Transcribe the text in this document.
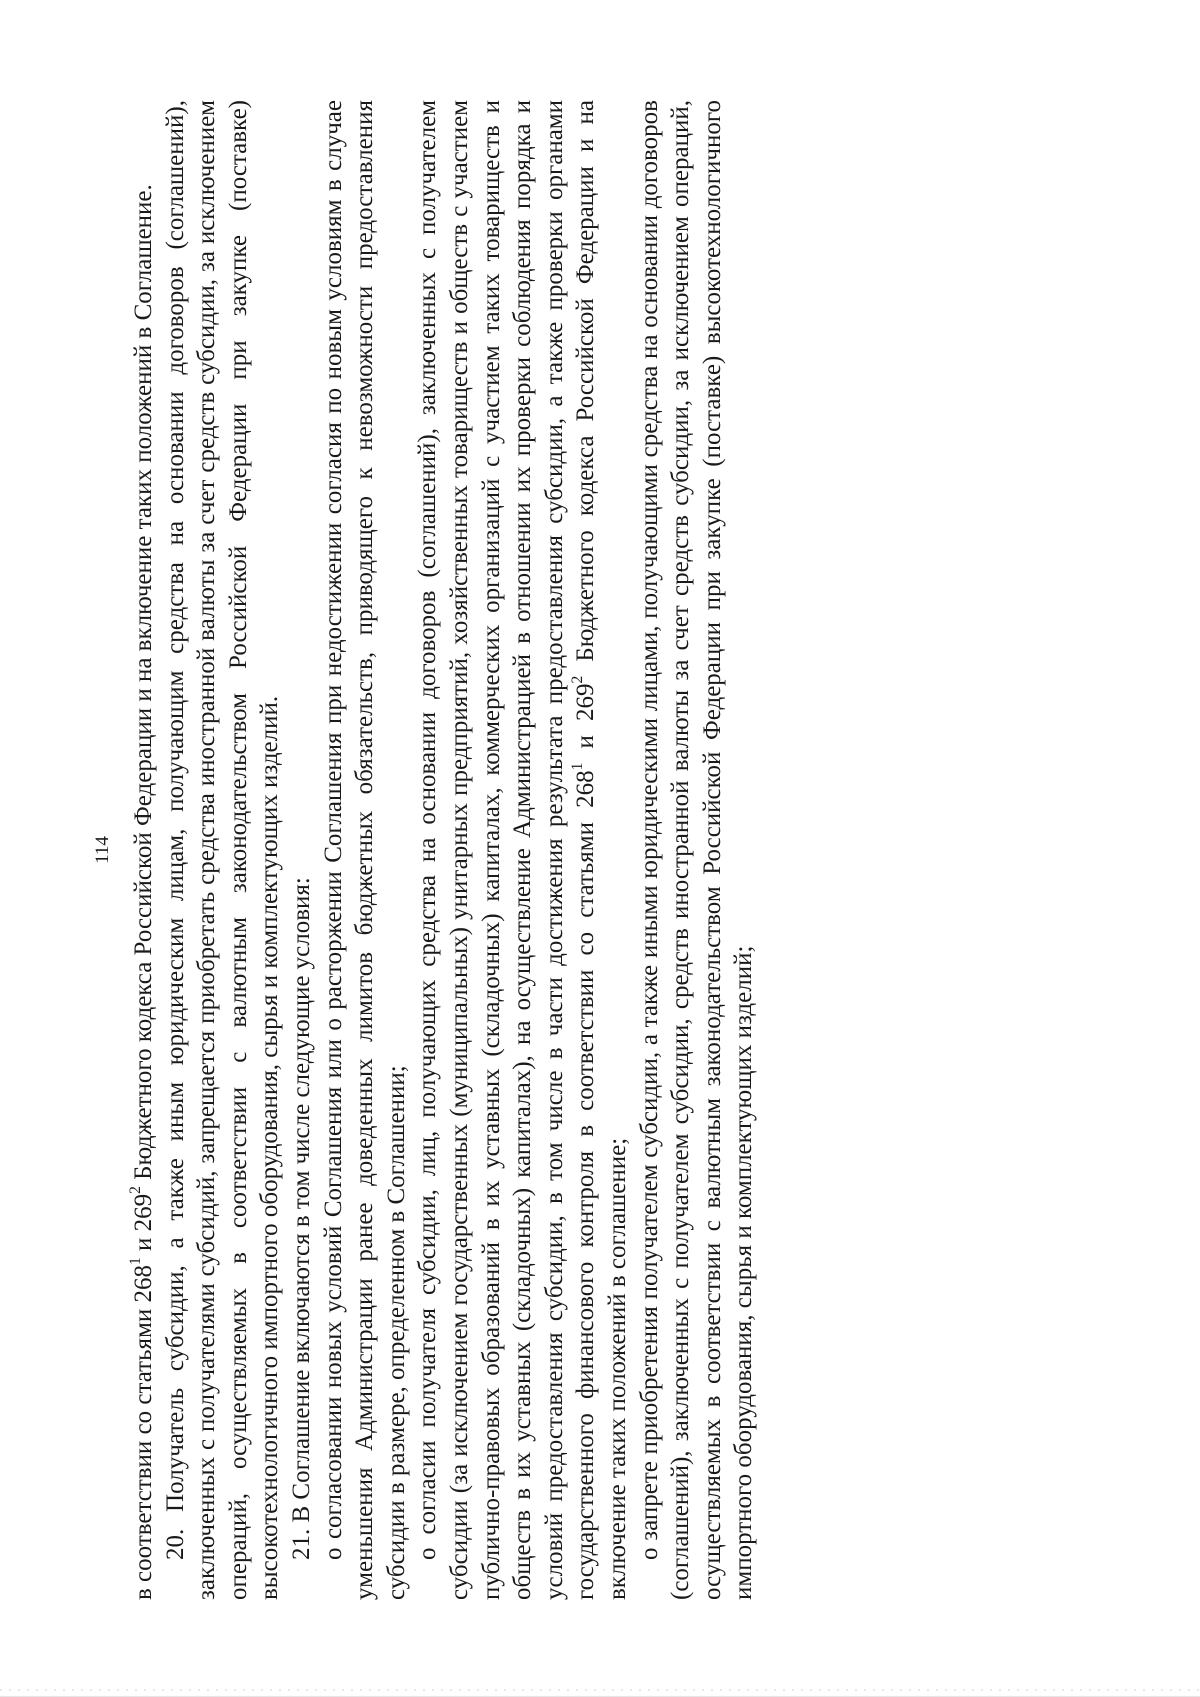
114

в соответствии со статьями $268^1$ и $269^2$ Бюджетного кодекса Российской Федерации и на включение таких положений в Соглашение. 20. Получатель субсидии, а также иным юридическим лицам, получающим средства на основании договоров (соглашений), заключенных с получателями субсидий, запрещается приобретать средства иностранной валюты за счет средств субсидии, за исключением операций, осуществляемых в соответствии с валютным законодательством Российской Федерации при закупке (поставке) высокотехнологичного импортного оборудования, сырья и комплектующих изделий. 21. В Соглашение включаются в том числе следующие условия: о согласовании новых условий Соглашения или о расторжении Соглашения при недостижении согласия по новым условиям в случае уменьшения Администрации ранее доведенных лимитов бюджетных обязательств, приводящего к невозможности предоставления субсидии в размере, определенном в Соглашении; о согласии получателя субсидии, лиц, получающих средства на основании договоров (соглашений), заключенных с получателем субсидии (за исключением государственных (муниципальных) унитарных предприятий, хозяйственных товариществ и обществ с участием публично-правовых образований в их уставных (складочных) капиталах, коммерческих организаций с участием таких товариществ и обществ в их уставных (складочных) капиталах), на осуществление Администрацией в отношении их проверки соблюдения порядка и условий предоставления субсидии, в том числе в части достижения результата предоставления субсидии, а также проверки органами государственного финансового контроля в соответствии со статьями $268^1$ и $269^2$ Бюджетного кодекса Российской Федерации и на включение таких положений в соглашение; о запрете приобретения получателем субсидии, а также иными юридическими лицами, получающими средства на основании договоров (соглашений), заключенных с получателем субсидии, средств иностранной валюты за счет средств субсидии, за исключением операций, осуществляемых в соответствии с валютным законодательством Российской Федерации при закупке (поставке) высокотехнологичного импортного оборудования, сырья и комплектующих изделий;
